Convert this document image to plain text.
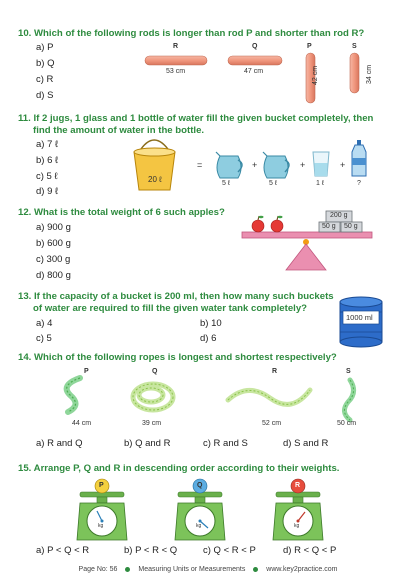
10. Which of the following rods is longer than rod P and shorter than rod R?
a) P
b) Q
c) R
d) S
R
53 cm
Q
47 cm
P
42 cm
S
34 cm
11. If 2 jugs, 1 glass and 1 bottle of water fill the given bucket completely, then
find the amount of water in the bottle.
a) 7 ℓ
b) 6 ℓ
c) 5 ℓ
d) 9 ℓ
20 ℓ
=	+	+	+
5 ℓ	5 ℓ	1 ℓ	?
12. What is the total weight of 6 such apples?
a) 900 g
b) 600 g
c) 300 g
d) 800 g
200 g
50 g 50 g
13. If the capacity of a bucket is 200 ml, then how many such buckets
of water are required to fill the given water tank completely?
a) 4	b) 10
c) 5	d) 6
1000 ml
14. Which of the following ropes is longest and shortest respectively?
P
44 cm
Q
39 cm
R
52 cm
S
50 cm
a) R and Q	b) Q and R	c) R and S	d) S and R
15. Arrange P, Q and R in descending order according to their weights.
P	Q	R
kg	kg	kg
a) P < Q < R	b) P < R < Q	c) Q < R < P	d) R < Q < P
Page No: 56	Measuring Units or Measurements	www.key2practice.com
